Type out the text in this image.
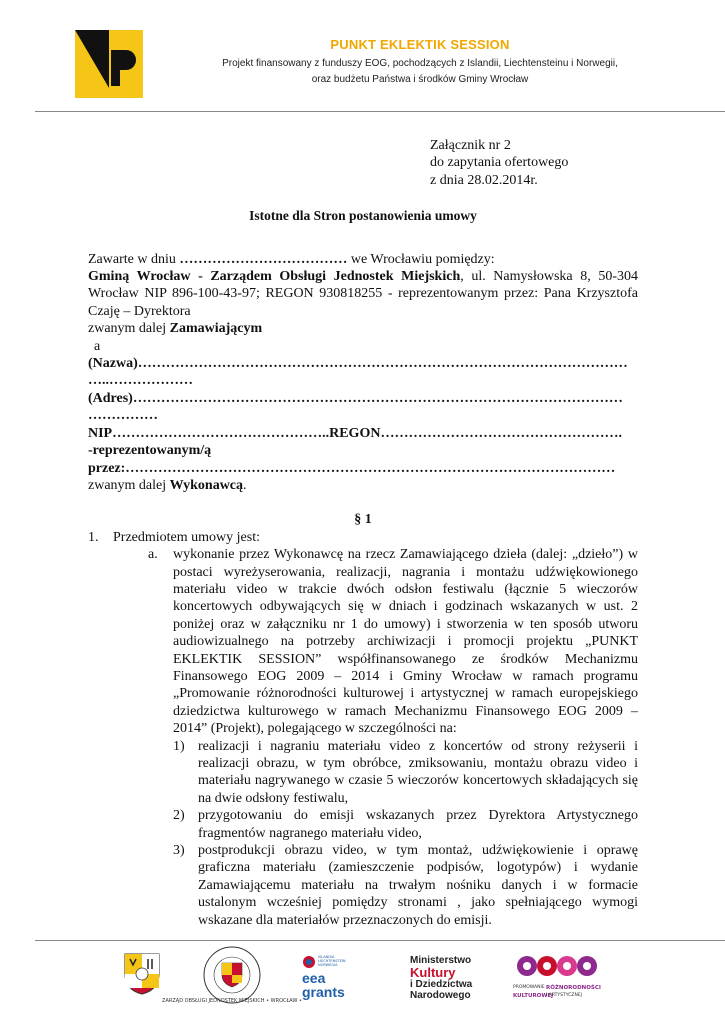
PUNKT EKLEKTIK SESSION
Projekt finansowany z funduszy EOG, pochodzących z Islandii, Liechtensteinu i Norwegii,
oraz budżetu Państwa i środków Gminy Wrocław
Załącznik nr 2
do zapytania ofertowego
z dnia 28.02.2014r.
Istotne dla Stron postanowienia umowy

Zawarte w dniu ……………………………… we Wrocławiu pomiędzy:

Gminą Wrocław - Zarządem Obsługi Jednostek Miejskich, ul. Namysłowska 8, 50-304 Wrocław NIP 896-100-43-97; REGON 930818255 - reprezentowanym przez: Pana Krzysztofa Czaję – Dyrektora

zwanym dalej Zamawiającym

a

(Nazwa)……………………………………………………………………………………………

…..………………

(Adres)……………………………………………………………………………………………

……………

NIP………………………………………..REGON…………………………………………….

-reprezentowanym/ą

przez:……………………………………………………………………………………………

zwanym dalej Wykonawcą.

§ 1
1.	Przedmiotem umowy jest:
a.	wykonanie przez Wykonawcę na rzecz Zamawiającego dzieła (dalej: „dzieło”) w postaci wyreżyserowania, realizacji, nagrania i montażu udźwiękowionego materiału video w trakcie dwóch odsłon festiwalu (łącznie 5 wieczorów koncertowych odbywających się w dniach i godzinach wskazanych w ust. 2 poniżej oraz w załączniku nr 1 do umowy) i stworzenia w ten sposób utworu audiowizualnego na potrzeby archiwizacji i promocji projektu „PUNKT EKLEKTIK SESSION” współfinansowanego ze środków Mechanizmu Finansowego EOG 2009 – 2014 i Gminy Wrocław w ramach programu „Promowanie różnorodności kulturowej i artystycznej w ramach europejskiego dziedzictwa kulturowego w ramach Mechanizmu Finansowego EOG 2009 – 2014” (Projekt), polegającego w szczególności na:
1) realizacji i nagraniu materiału video z koncertów od strony reżyserii i realizacji obrazu, w tym obróbce, zmiksowaniu, montażu obrazu video i materiału nagrywanego w czasie 5 wieczorów koncertowych składających się na dwie odsłony festiwalu,
2) przygotowaniu do emisji wskazanych przez Dyrektora Artystycznego fragmentów nagranego materiału video,
3) postprodukcji obrazu video, w tym montaż, udźwiękowienie i oprawę graficzna materiału (zamieszczenie podpisów, logotypów) i wydanie Zamawiającemu materiału na trwałym nośniku danych i w formacie ustalonym wcześniej pomiędzy stronami , jako spełniającego wymogi wskazane dla materiałów przeznaczonych do emisji.
ZARZĄD OBSŁUGI JEDNOSTEK MIEJSKICH • WROCŁAW •
ISLANDIA LIECHTENSTEIN NORWEGIA
eea
grants
Ministerstwo
Kultury
i Dziedzictwa
Narodowego
PROMOWANIE
KULTUROWEJ
RÓŻNORODNOŚCI
I ARTYSTYCZNEJ
